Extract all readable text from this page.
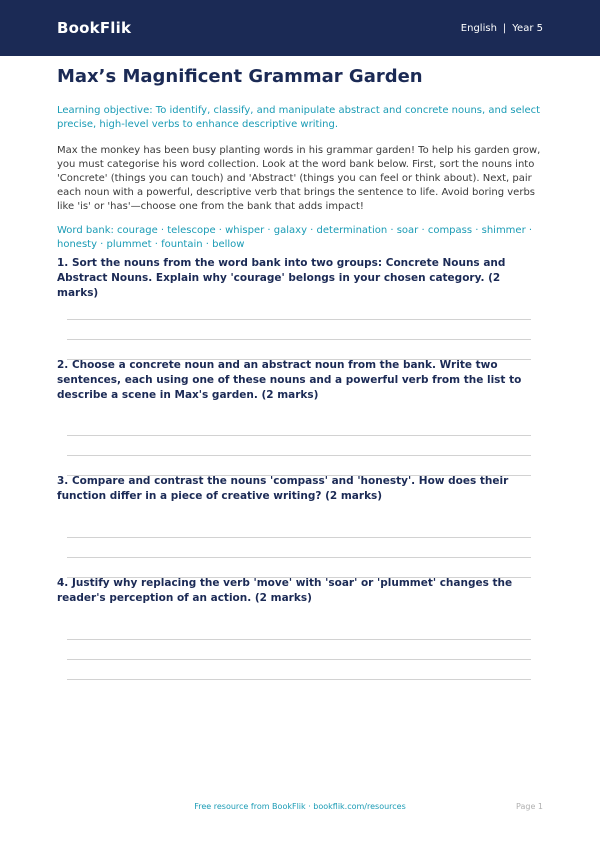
BookFlik	English | Year 5
Max’s Magnificent Grammar Garden

Learning objective: To identify, classify, and manipulate abstract and concrete nouns, and select precise, high-level verbs to enhance descriptive writing.

Max the monkey has been busy planting words in his grammar garden! To help his garden grow, you must categorise his word collection. Look at the word bank below. First, sort the nouns into 'Concrete' (things you can touch) and 'Abstract' (things you can feel or think about). Next, pair each noun with a powerful, descriptive verb that brings the sentence to life. Avoid boring verbs like 'is' or 'has'—choose one from the bank that adds impact!

Word bank: courage · telescope · whisper · galaxy · determination · soar · compass · shimmer · honesty · plummet · fountain · bellow

1. Sort the nouns from the word bank into two groups: Concrete Nouns and Abstract Nouns. Explain why 'courage' belongs in your chosen category. (2 marks)

2. Choose a concrete noun and an abstract noun from the bank. Write two sentences, each using one of these nouns and a powerful verb from the list to describe a scene in Max's garden. (2 marks)

3. Compare and contrast the nouns 'compass' and 'honesty'. How does their function differ in a piece of creative writing? (2 marks)

4. Justify why replacing the verb 'move' with 'soar' or 'plummet' changes the reader's perception of an action. (2 marks)

Free resource from BookFlik · bookflik.com/resources	Page 1
